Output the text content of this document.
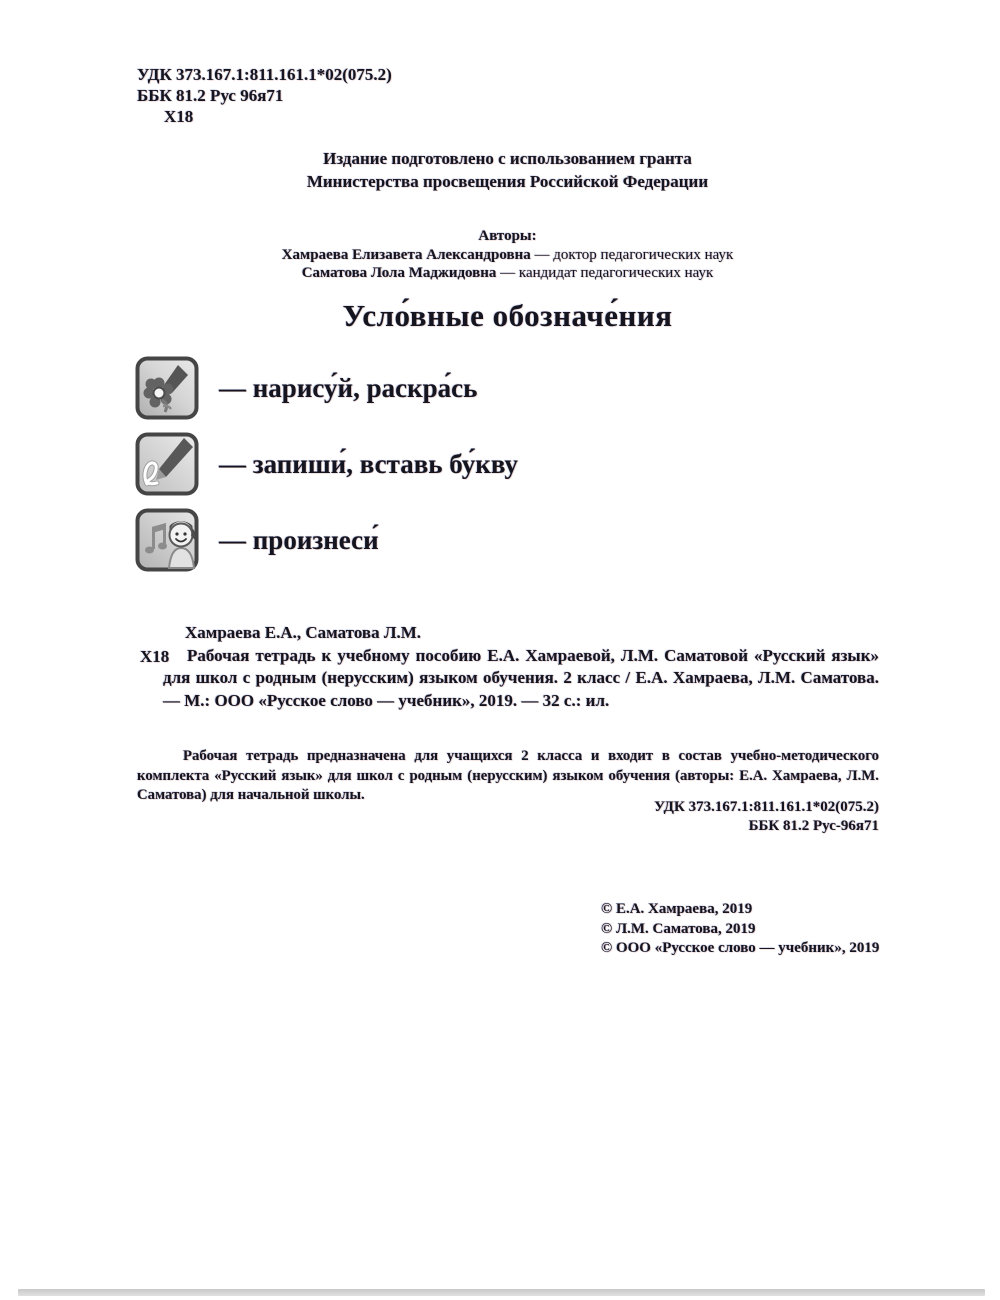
УДК 373.167.1:811.161.1*02(075.2)
ББК 81.2 Рус 96я71
Х18
Издание подготовлено с использованием гранта
Министерства просвещения Российской Федерации
Авторы:
Хамраева Елизавета Александровна — доктор педагогических наук
Саматова Лола Маджидовна — кандидат педагогических наук
Усло́вные обозначе́ния
— нарису́й, раскра́сь
— запиши́, вставь бу́кву
— произнеси́
Х18
Хамраева Е.А., Саматова Л.М.
Рабочая тетрадь к учебному пособию Е.А. Хамраевой, Л.М. Саматовой «Русский язык» для школ с родным (нерусским) языком обучения. 2 класс / Е.А. Хамраева, Л.М. Саматова. — М.: ООО «Русское слово — учебник», 2019. — 32 с.: ил.
Рабочая тетрадь предназначена для учащихся 2 класса и входит в состав учебно-методического комплекта «Русский язык» для школ с родным (нерусским) языком обучения (авторы: Е.А. Хамраева, Л.М. Саматова) для начальной школы.
УДК 373.167.1:811.161.1*02(075.2)
ББК 81.2 Рус-96я71
© Е.А. Хамраева, 2019
© Л.М. Саматова, 2019
© ООО «Русское слово — учебник», 2019
